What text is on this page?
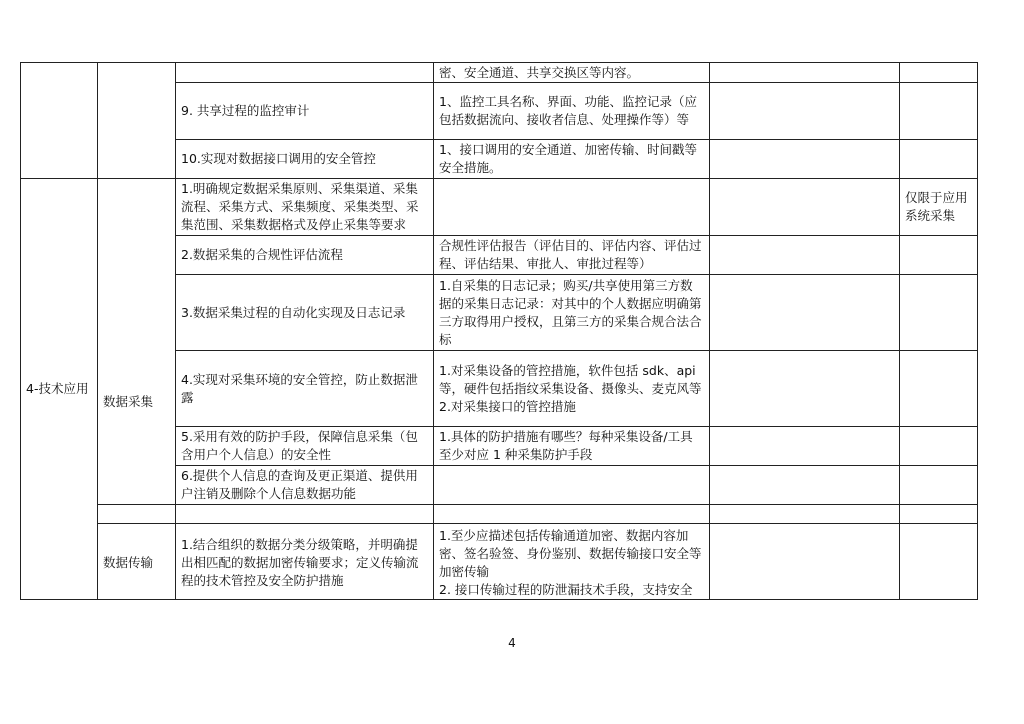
			密、安全通道、共享交换区等内容。		
		9. 共享过程的监控审计	1、监控工具名称、界面、功能、监控记录（应包括数据流向、接收者信息、处理操作等）等		
		10.实现对数据接口调用的安全管控	1、接口调用的安全通道、加密传输、时间戳等安全措施。		
4-技术应用	数据采集	1.明确规定数据采集原则、采集渠道、采集流程、采集方式、采集频度、采集类型、采集范围、采集数据格式及停止采集等要求			仅限于应用系统采集
		2.数据采集的合规性评估流程	合规性评估报告（评估目的、评估内容、评估过程、评估结果、审批人、审批过程等）		
		3.数据采集过程的自动化实现及日志记录	1.自采集的日志记录；购买/共享使用第三方数据的采集日志记录：对其中的个人数据应明确第三方取得用户授权，且第三方的采集合规合法合标		
		4.实现对采集环境的安全管控，防止数据泄露	1.对采集设备的管控措施，软件包括 sdk、api 等，硬件包括指纹采集设备、摄像头、麦克风等
2.对采集接口的管控措施		

		5.采用有效的防护手段，保障信息采集（包含用户个人信息）的安全性	1.具体的防护措施有哪些？每种采集设备/工具至少对应 1 种采集防护手段		
		6.提供个人信息的查询及更正渠道、提供用户注销及删除个人信息数据功能			

	数据传输	1.结合组织的数据分类分级策略，并明确提出相匹配的数据加密传输要求；定义传输流程的技术管控及安全防护措施	1.至少应描述包括传输通道加密、数据内容加密、签名验签、身份鉴别、数据传输接口安全等加密传输
2. 接口传输过程的防泄漏技术手段，支持安全		

4
